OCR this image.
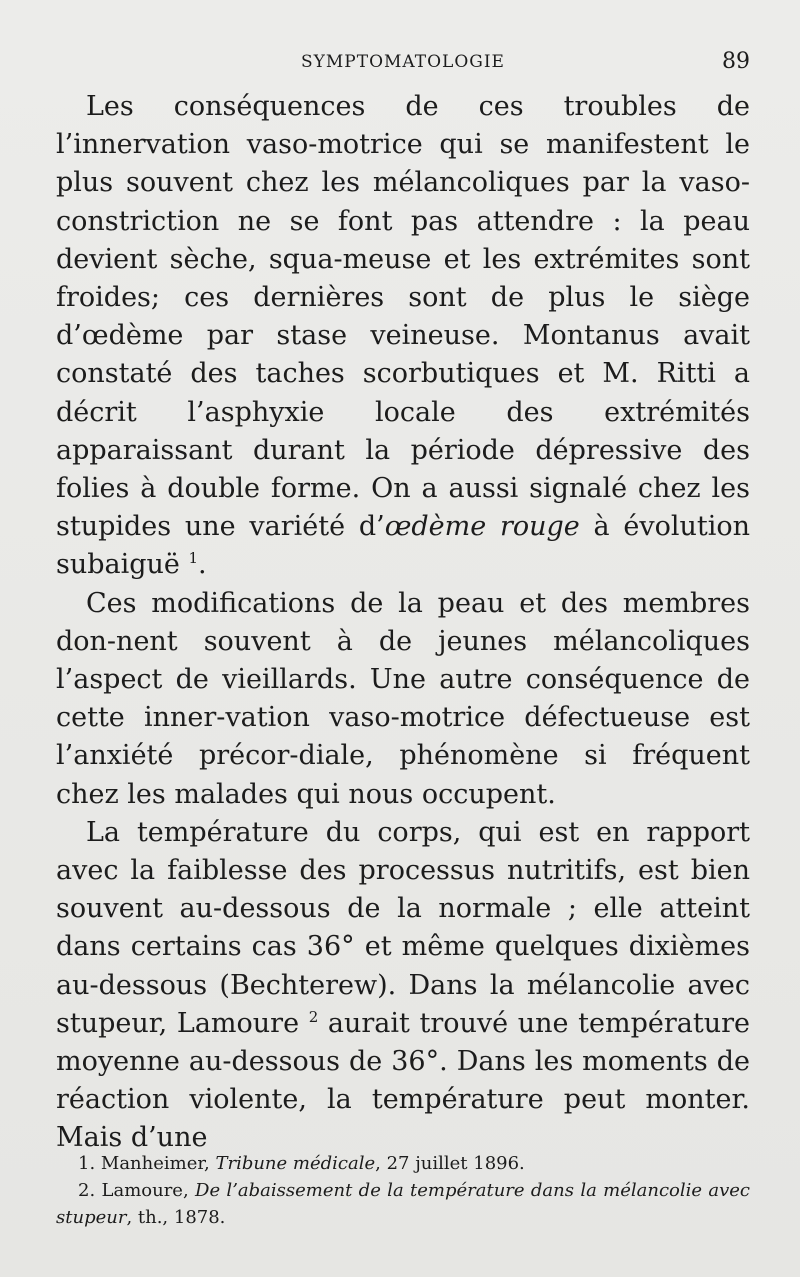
SYMPTOMATOLOGIE	89

Les conséquences de ces troubles de l’innervation vaso-motrice qui se manifestent le plus souvent chez les mélancoliques par la vaso-constriction ne se font pas attendre : la peau devient sèche, squa-meuse et les extrémites sont froides; ces dernières sont de plus le siège d’œdème par stase veineuse. Montanus avait constaté des taches scorbutiques et M. Ritti a décrit l’asphyxie locale des extrémités apparaissant durant la période dépressive des folies à double forme. On a aussi signalé chez les stupides une variété d’œdème rouge à évolution subaiguë $^1$.

Ces modifications de la peau et des membres don-nent souvent à de jeunes mélancoliques l’aspect de vieillards. Une autre conséquence de cette inner-vation vaso-motrice défectueuse est l’anxiété précor-diale, phénomène si fréquent chez les malades qui nous occupent.

La température du corps, qui est en rapport avec la faiblesse des processus nutritifs, est bien souvent au-dessous de la normale ; elle atteint dans certains cas 36° et même quelques dixièmes au-dessous (Bechterew). Dans la mélancolie avec stupeur, Lamoure $^2$ aurait trouvé une température moyenne au-dessous de 36°. Dans les moments de réaction violente, la température peut monter. Mais d’une

1. Manheimer, Tribune médicale, 27 juillet 1896.

2. Lamoure, De l’abaissement de la température dans la mélancolie avec stupeur, th., 1878.
